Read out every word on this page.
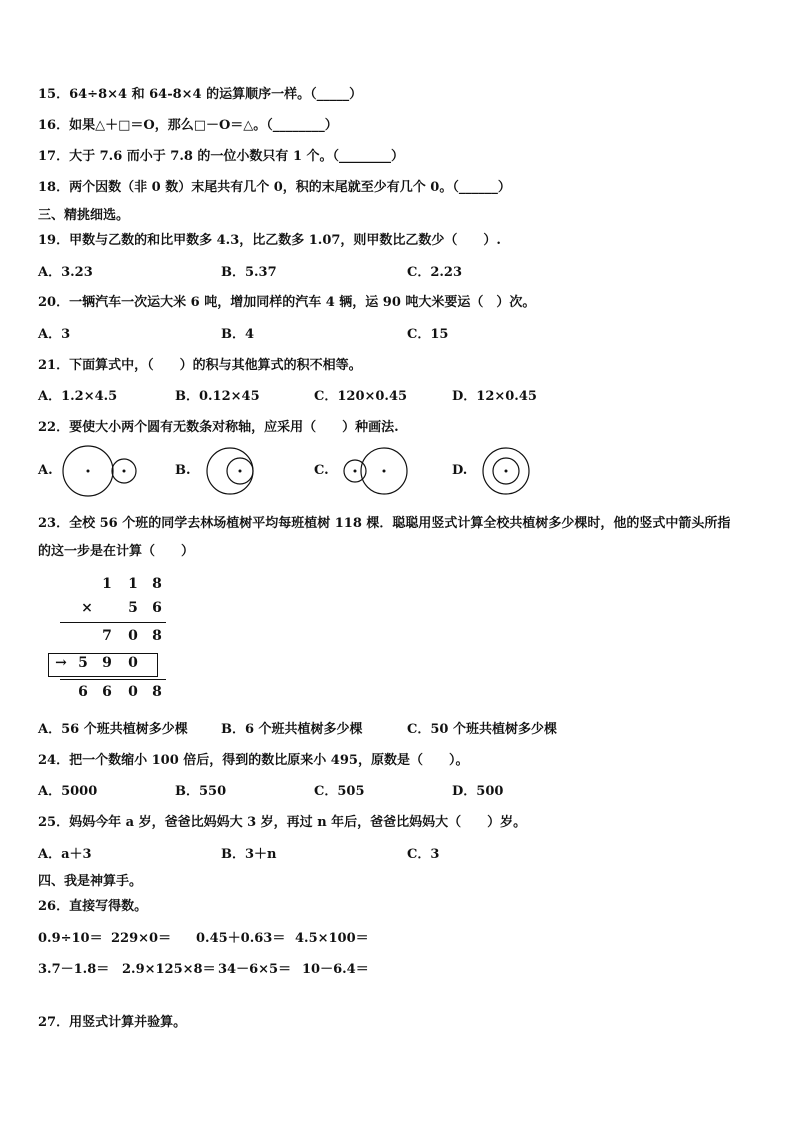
15．64÷8×4 和 64-8×4 的运算顺序一样。（_____）
16．如果△＋□＝O，那么□－O＝△。（________）
17．大于 7.6 而小于 7.8 的一位小数只有 1 个。（________）
18．两个因数（非 0 数）末尾共有几个 0，积的末尾就至少有几个 0。（______）
三、精挑细选。
19．甲数与乙数的和比甲数多 4.3，比乙数多 1.07，则甲数比乙数少（　　）.
A．3.23	B．5.37	C．2.23
20．一辆汽车一次运大米 6 吨，增加同样的汽车 4 辆，运 90 吨大米要运（　）次。
A．3	B．4	C．15
21．下面算式中，（　　）的积与其他算式的积不相等。
A．1.2×4.5	B．0.12×45	C．120×0.45	D．12×0.45
22．要使大小两个圆有无数条对称轴，应采用（　　）种画法.
A.	B.	C.	D.
23．全校 56 个班的同学去林场植树平均每班植树 118 棵．聪聪用竖式计算全校共植树多少棵时，他的竖式中箭头所指
的这一步是在计算（　　）
1 1 8
×	5 6
7 0 8
→ 5 9 0
6 6 0 8
A．56 个班共植树多少棵	B．6 个班共植树多少棵	C．50 个班共植树多少棵
24．把一个数缩小 100 倍后，得到的数比原来小 495，原数是（　　）。
A．5000	B．550	C．505	D．500
25．妈妈今年 a 岁，爸爸比妈妈大 3 岁，再过 n 年后，爸爸比妈妈大（　　）岁。
A．a＋3	B．3＋n	C．3
四、我是神算手。
26．直接写得数。
0.9÷10＝ 229×0＝ 0.45＋0.63＝ 4.5×100＝
3.7－1.8＝ 2.9×125×8＝ 34－6×5＝ 10－6.4＝
27．用竖式计算并验算。
